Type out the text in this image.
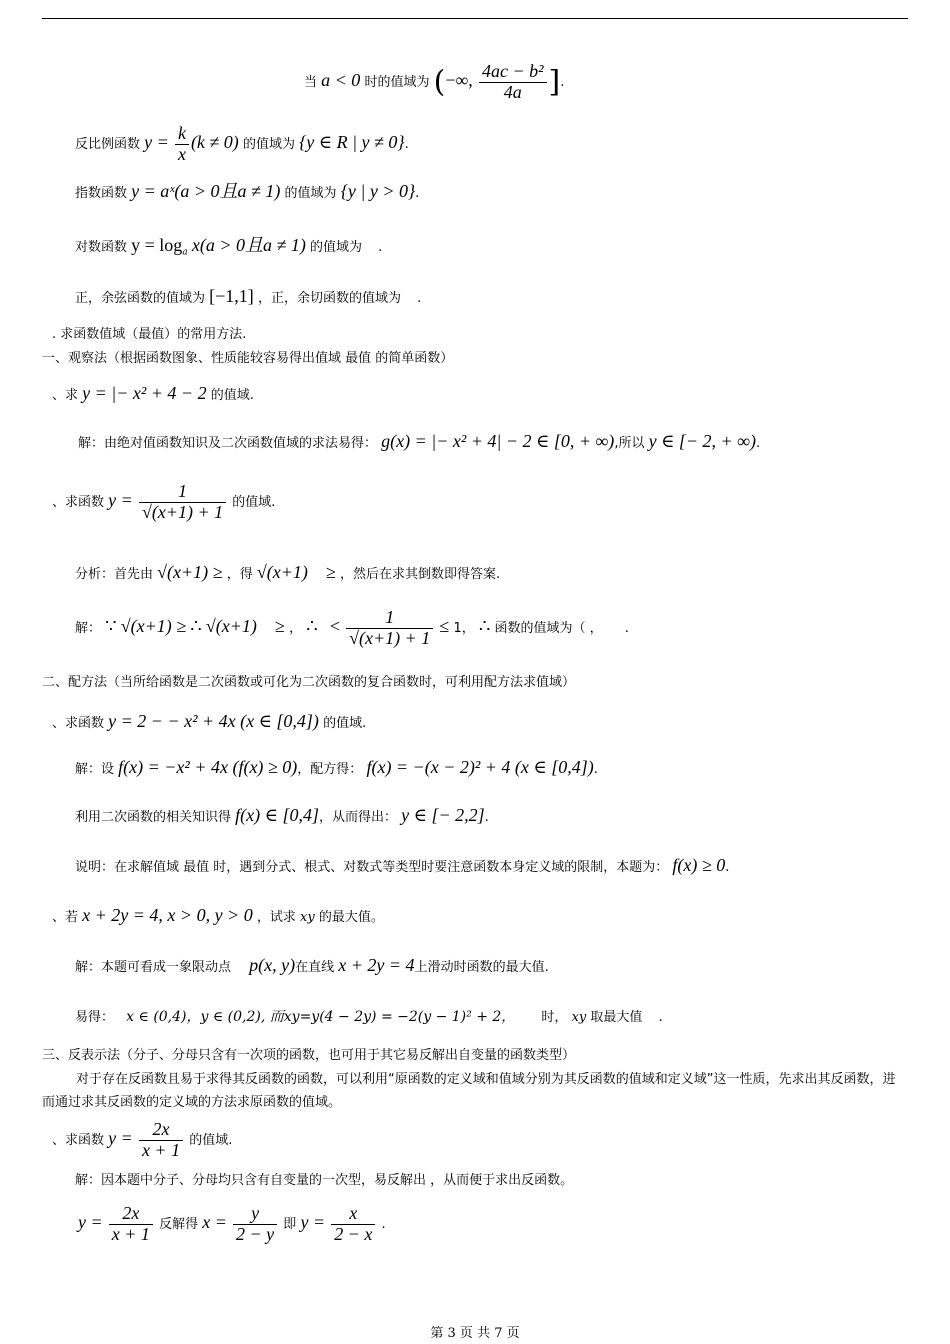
当 a < 0 时的值域为 (−∞, $\frac{\text{4ac − b²}}{4a}$ ].
反比例函数 $y = \frac{k}{x} (k \ne 0)$ 的值域为 {y ∈ R | y ≠ 0}.
指数函数 y = aˣ(a > 0且a ≠ 1) 的值域为 {y | y > 0}.
对数函数 $y = \log_a x(a > 0$且a ≠ 1) 的值域为 .
正，余弦函数的值域为 [−1,1] ，正，余切函数的值域为 .
. 求函数值域（最值）的常用方法.
一、观察法（根据函数图象、性质能较容易得出值域 最值 的简单函数）
、求 y = |− x² + 4 − 2 的值域.
解：由绝对值函数知识及二次函数值域的求法易得： g(x) = |− x² + 4| − 2 ∈ [0, + ∞),所以 y ∈ [− 2, + ∞).
、求函数 $y = \frac{1}{√(x+1) + 1}$ 的值域.
分析：首先由 √(x+1) ≥ ，得 √(x+1) ≥ ，然后在求其倒数即得答案.
解： ∵ √(x+1) ≥ ∴ √(x+1) ≥ ， ∴ < $\frac{1}{√(x+1) + 1} \le 1$， ∴ 函数的值域为（ ， .
二、配方法（当所给函数是二次函数或可化为二次函数的复合函数时，可利用配方法求值域）
、求函数 y = 2 − − x² + 4x (x ∈ [0,4]) 的值域.
解：设 f(x) = −x² + 4x (f(x) ≥ 0)，配方得： f(x) = −(x − 2)² + 4 (x ∈ [0,4]).
利用二次函数的相关知识得 f(x) ∈ [0,4]，从而得出： y ∈ [− 2,2].
说明：在求解值域 最值 时，遇到分式、根式、对数式等类型时要注意函数本身定义域的限制，本题为： f(x) ≥ 0.
、若 x + 2y = 4, x > 0, y > 0 ，试求 xy 的最大值。
解：本题可看成一象限动点 p(x, y)在直线 x + 2y = 4上滑动时函数的最大值.
易得： x ∈ (0,4)，y ∈ (0,2), 而xy=y(4 − 2y) = −2(y − 1)² + 2， 时， xy 取最大值 .
三、反表示法（分子、分母只含有一次项的函数，也可用于其它易反解出自变量的函数类型）
对于存在反函数且易于求得其反函数的函数，可以利用“原函数的定义域和值域分别为其反函数的值域和定义域”这一性质，先求出其反函数，进而通过求其反函数的定义域的方法求原函数的值域。
、求函数 $y = \frac{2x}{x + 1}$ 的值域.
解：因本题中分子、分母均只含有自变量的一次型，易反解出 ，从而便于求出反函数。
$y = \frac{2x}{x + 1}$ 反解得 $x = \frac{y}{2 - y}$ 即 $y = \frac{x}{2 - x}$ .
第 3 页 共 7 页
